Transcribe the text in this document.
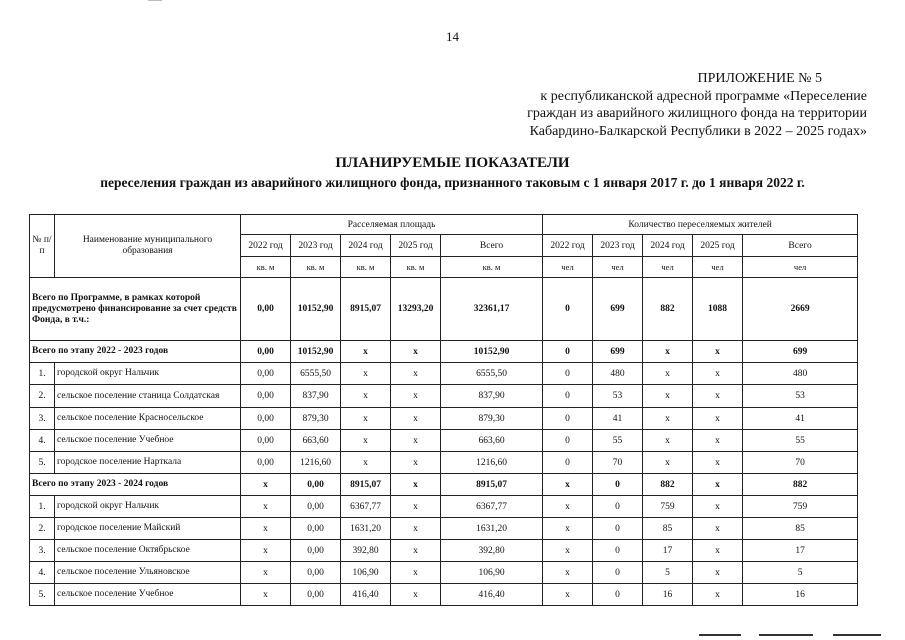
14
ПРИЛОЖЕНИЕ № 5
к республиканской адресной программе «Переселение
граждан из аварийного жилищного фонда на территории
Кабардино-Балкарской Республики в 2022 – 2025 годах»
ПЛАНИРУЕМЫЕ ПОКАЗАТЕЛИ
переселения граждан из аварийного жилищного фонда, признанного таковым с 1 января 2017 г. до 1 января 2022 г.
№ п/п	Наименование муниципального образования	Расселяемая площадь					Количество переселяемых жителей				
		2022 год	2023 год	2024 год	2025 год	Всего	2022 год	2023 год	2024 год	2025 год	Всего
		кв. м	кв. м	кв. м	кв. м	кв. м	чел	чел	чел	чел	чел
Всего по Программе, в рамках которой предусмотрено финансирование за счет средств Фонда, в т.ч.:		0,00	10152,90	8915,07	13293,20	32361,17	0	699	882	1088	2669
Всего по этапу 2022 - 2023 годов		0,00	10152,90	x	x	10152,90	0	699	x	x	699
1.	городской округ Нальчик	0,00	6555,50	x	x	6555,50	0	480	x	x	480
2.	сельское поселение станица Солдатская	0,00	837,90	x	x	837,90	0	53	x	x	53
3.	сельское поселение Красносельское	0,00	879,30	x	x	879,30	0	41	x	x	41
4.	сельское поселение Учебное	0,00	663,60	x	x	663,60	0	55	x	x	55
5.	городское поселение Нарткала	0,00	1216,60	x	x	1216,60	0	70	x	x	70
Всего по этапу 2023 - 2024 годов		x	0,00	8915,07	x	8915,07	x	0	882	x	882
1.	городской округ Нальчик	x	0,00	6367,77	x	6367,77	x	0	759	x	759
2.	городское поселение Майский	x	0,00	1631,20	x	1631,20	x	0	85	x	85
3.	сельское поселение Октябрьское	x	0,00	392,80	x	392,80	x	0	17	x	17
4.	сельское поселение Ульяновское	x	0,00	106,90	x	106,90	x	0	5	x	5
5.	сельское поселение Учебное	x	0,00	416,40	x	416,40	x	0	16	x	16
